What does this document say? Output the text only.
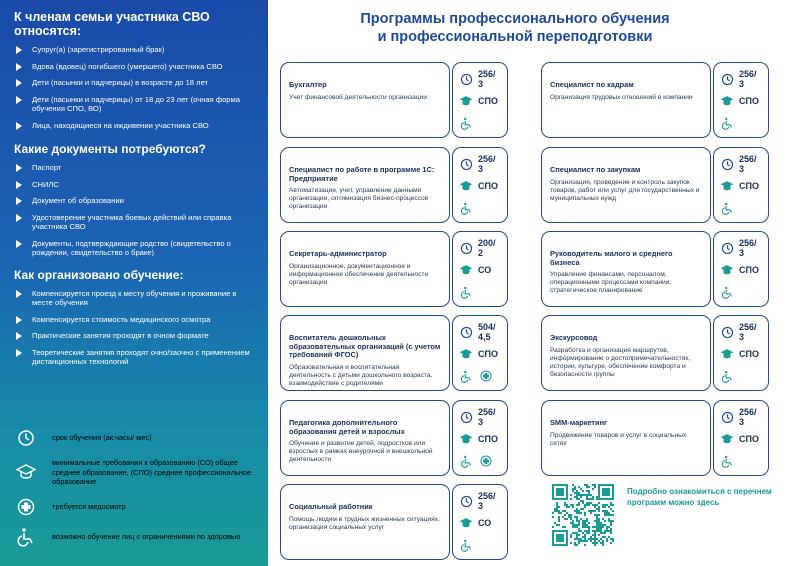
К членам семьи участника СВО относятся:
Супруг(а) (зарегистрированный брак)
Вдова (вдовец) погибшего (умершего) участника СВО
Дети (пасынки и падчерицы) в возрасте до 18 лет
Дети (пасынки и падчерицы) от 18 до 23 лет (очная форма обучения СПО, ВО)
Лица, находящиеся на иждивении участника СВО
Какие документы потребуются?
Паспорт
СНИЛС
Документ об образовании
Удостоверение участника боевых действий или справка участника СВО
Документы, подтверждающие родство (свидетельство о рождении, свидетельство о браке)
Как организовано обучение:
Компенсируется проезд к месту обучения и проживание в месте обучения
Компенсируется стоимость медицинского осмотра
Практические занятия проходят в очном формате
Теоретические занятия проходят очно/заочно с применением дистанционных технологий
срок обучения (ак.часы/ мес)
минимальные требования к образованию (СО) общее среднее образование, (СПО) среднее профессиональное образование
требуется медосмотр
возможно обучение лиц с ограничениями по здоровью
Программы профессионального обучения
и профессиональной переподготовки
Бухгалтер
Учет финансовой деятельности организации
256/ 3
СПО
Специалист по кадрам
Организация трудовых отношений в компании
256/ 3
СПО
Специалист по работе в программе 1С: Предприятие
Автоматизация, учет, управление данными организации, оптимизация бизнес-процессов организации
256/ 3
СПО
Специалист по закупкам
Организация, проведение и контроль закупок товаров, работ или услуг для государственных и муниципальных нужд
256/ 3
СПО
Секретарь-администратор
Организационное, документационное и информационное обеспечение деятельности организации
200/ 2
СО
Руководитель малого и среднего бизнеса
Управление финансами, персоналом, операционными процессами компании, стратегическое планирование
256/ 3
СПО
Воспитатель дошкольных образовательных организаций (с учетом требований ФГОС)
Образовательная и воспитательная деятельность с детьми дошкольного возраста, взаимодействие с родителями
504/ 4,5
СПО
Экскурсовод
Разработка и организация маршрутов, информирование о достопримечательностях, истории, культуре, обеспечение комфорта и безопасности группы
256/ 3
СПО
Педагогика дополнительного образования детей и взрослых
Обучение и развитие детей, подростков или взрослых в рамках внеурочной и внешкольной деятельности
256/ 3
СПО
SMM-маркетинг
Продвижение товаров и услуг в социальных сетях
256/ 3
СПО
Социальный работник
Помощь людям в трудных жизненных ситуациях, организация социальных услуг
256/ 3
СО
Подробно ознакомиться с перечнем программ можно здесь
